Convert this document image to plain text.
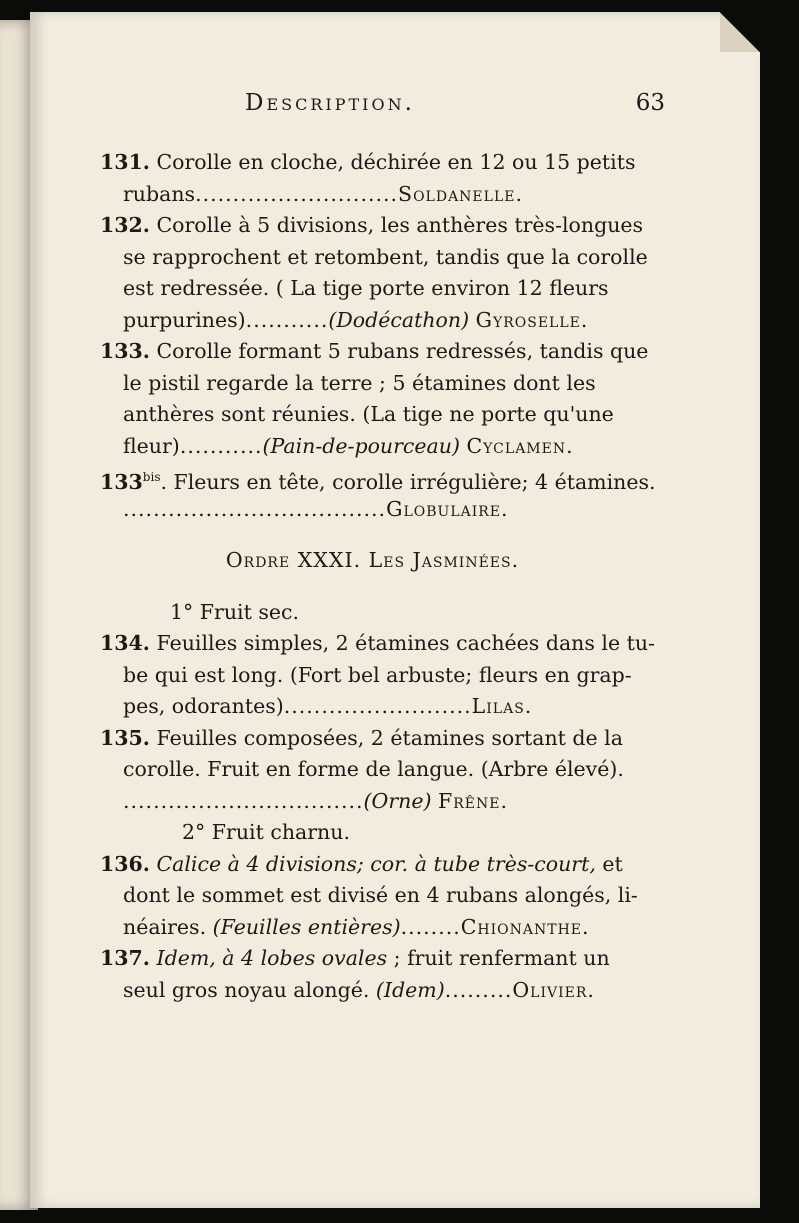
Description.	63
131. Corolle en cloche, déchirée en 12 ou 15 petits
rubans...........................Soldanelle.
132. Corolle à 5 divisions, les anthères très-longues
se rapprochent et retombent, tandis que la corolle
est redressée. ( La tige porte environ 12 fleurs
purpurines)...........(Dodécathon) Gyroselle.
133. Corolle formant 5 rubans redressés, tandis que
le pistil regarde la terre ; 5 étamines dont les
anthères sont réunies. (La tige ne porte qu'une
fleur)...........(Pain-de-pourceau) Cyclamen.
$133^{bis}$. Fleurs en tête, corolle irrégulière; 4 étamines.
...................................Globulaire.
Ordre XXXI. Les Jasminées.
1° Fruit sec.
134. Feuilles simples, 2 étamines cachées dans le tu-
be qui est long. (Fort bel arbuste; fleurs en grap-
pes, odorantes).........................Lilas.
135. Feuilles composées, 2 étamines sortant de la
corolle. Fruit en forme de langue. (Arbre élevé).
................................(Orne) Frêne.
2° Fruit charnu.
136. Calice à 4 divisions; cor. à tube très-court, et
dont le sommet est divisé en 4 rubans alongés, li-
néaires. (Feuilles entières)........Chionanthe.
137. Idem, à 4 lobes ovales ; fruit renfermant un
seul gros noyau alongé. (Idem).........Olivier.
